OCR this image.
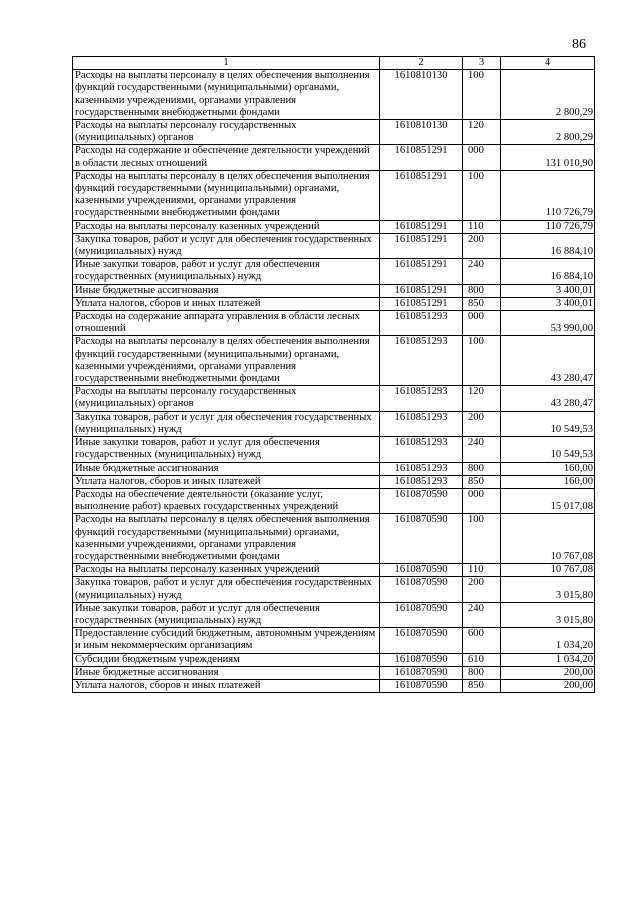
86
1	2	3	4
Расходы на выплаты персоналу в целях обеспечения выполнения функций государственными (муниципальными) органами, казенными учреждениями, органами управления государственными внебюджетными фондами	1610810130	100	2 800,29
Расходы на выплаты персоналу государственных (муниципальных) органов	1610810130	120	2 800,29
Расходы на содержание и обеспечение деятельности учреждений в области лесных отношений	1610851291	000	131 010,90
Расходы на выплаты персоналу в целях обеспечения выполнения функций государственными (муниципальными) органами, казенными учреждениями, органами управления государственными внебюджетными фондами	1610851291	100	110 726,79
Расходы на выплаты персоналу казенных учреждений	1610851291	110	110 726,79
Закупка товаров, работ и услуг для обеспечения государственных (муниципальных) нужд	1610851291	200	16 884,10
Иные закупки товаров, работ и услуг для обеспечения государственных (муниципальных) нужд	1610851291	240	16 884,10
Иные бюджетные ассигнования	1610851291	800	3 400,01
Уплата налогов, сборов и иных платежей	1610851291	850	3 400,01
Расходы на содержание аппарата управления в области лесных отношений	1610851293	000	53 990,00
Расходы на выплаты персоналу в целях обеспечения выполнения функций государственными (муниципальными) органами, казенными учреждениями, органами управления государственными внебюджетными фондами	1610851293	100	43 280,47
Расходы на выплаты персоналу государственных (муниципальных) органов	1610851293	120	43 280,47
Закупка товаров, работ и услуг для обеспечения государственных (муниципальных) нужд	1610851293	200	10 549,53
Иные закупки товаров, работ и услуг для обеспечения государственных (муниципальных) нужд	1610851293	240	10 549,53
Иные бюджетные ассигнования	1610851293	800	160,00
Уплата налогов, сборов и иных платежей	1610851293	850	160,00
Расходы на обеспечение деятельности (оказание услуг, выполнение работ) краевых государственных учреждений	1610870590	000	15 017,08
Расходы на выплаты персоналу в целях обеспечения выполнения функций государственными (муниципальными) органами, казенными учреждениями, органами управления государственными внебюджетными фондами	1610870590	100	10 767,08
Расходы на выплаты персоналу казенных учреждений	1610870590	110	10 767,08
Закупка товаров, работ и услуг для обеспечения государственных (муниципальных) нужд	1610870590	200	3 015,80
Иные закупки товаров, работ и услуг для обеспечения государственных (муниципальных) нужд	1610870590	240	3 015,80
Предоставление субсидий бюджетным, автономным учреждениям и иным некоммерческим организациям	1610870590	600	1 034,20
Субсидии бюджетным учреждениям	1610870590	610	1 034,20
Иные бюджетные ассигнования	1610870590	800	200,00
Уплата налогов, сборов и иных платежей	1610870590	850	200,00
